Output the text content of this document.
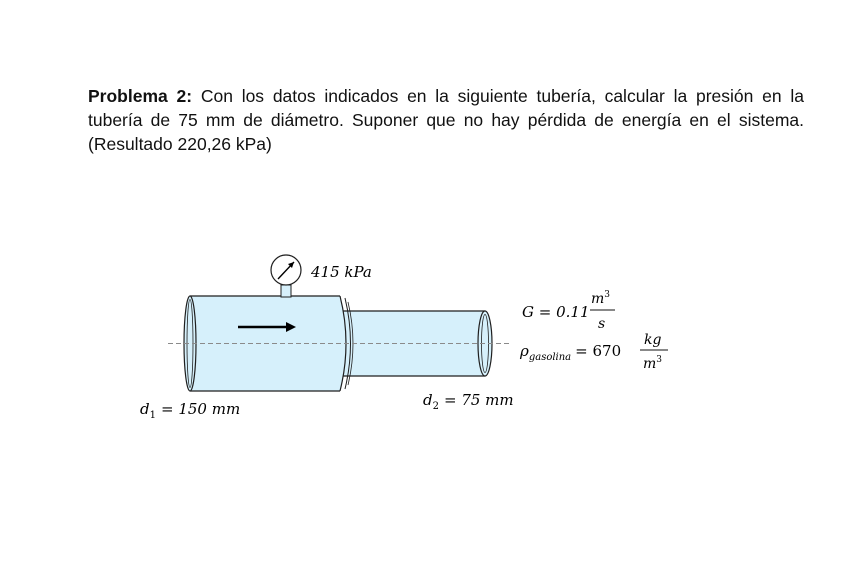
Problema 2: Con los datos indicados en la siguiente tubería, calcular la presión en la tubería de 75 mm de diámetro. Suponer que no hay pérdida de energía en el sistema. (Resultado 220,26 kPa)

415 kPa
$d_1 = 150$ mm	$d_2 = 75$ mm
G = 0.11
$m^3$
s
$\rho_{gasolina} = 670$
kg
$m^3$
